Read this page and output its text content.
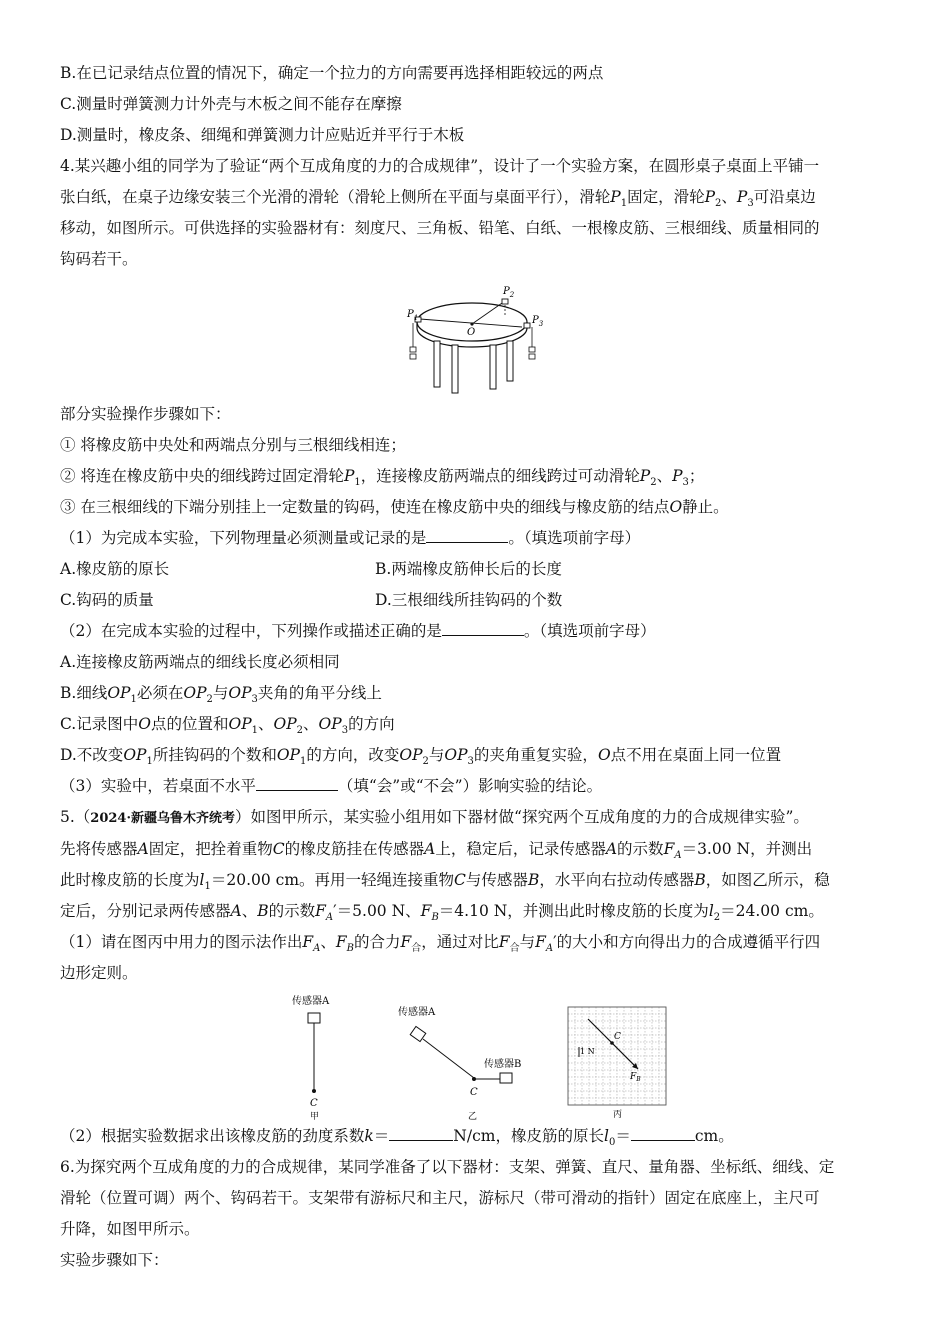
B.在已记录结点位置的情况下，确定一个拉力的方向需要再选择相距较远的两点
C.测量时弹簧测力计外壳与木板之间不能存在摩擦
D.测量时，橡皮条、细绳和弹簧测力计应贴近并平行于木板
4.某兴趣小组的同学为了验证“两个互成角度的力的合成规律”，设计了一个实验方案，在圆形桌子桌面上平铺一
张白纸，在桌子边缘安装三个光滑的滑轮（滑轮上侧所在平面与桌面平行），滑轮$P_1$固定，滑轮$P_2$、$P_3$可沿桌边
移动，如图所示。可供选择的实验器材有：刻度尺、三角板、铅笔、白纸、一根橡皮筋、三根细线、质量相同的
钩码若干。
$P_1$
$P_2$
$P_3$
O
部分实验操作步骤如下：
① 将橡皮筋中央处和两端点分别与三根细线相连；
② 将连在橡皮筋中央的细线跨过固定滑轮$P_1$，连接橡皮筋两端点的细线跨过可动滑轮$P_2$、$P_3$；
③ 在三根细线的下端分别挂上一定数量的钩码，使连在橡皮筋中央的细线与橡皮筋的结点O静止。
（1）为完成本实验，下列物理量必须测量或记录的是	。（填选项前字母）
A.橡皮筋的原长	B.两端橡皮筋伸长后的长度
C.钩码的质量	D.三根细线所挂钩码的个数
（2）在完成本实验的过程中，下列操作或描述正确的是	。（填选项前字母）
A.连接橡皮筋两端点的细线长度必须相同
B.细线$OP_1$必须在$OP_2$与$OP_3$夹角的角平分线上
C.记录图中O点的位置和$OP_1$、$OP_2$、$OP_3$的方向
D.不改变$OP_1$所挂钩码的个数和$OP_1$的方向，改变$OP_2$与$OP_3$的夹角重复实验，O点不用在桌面上同一位置
（3）实验中，若桌面不水平	（填“会”或“不会”）影响实验的结论。
5.（2024·新疆乌鲁木齐统考）如图甲所示，某实验小组用如下器材做“探究两个互成角度的力的合成规律实验”。
先将传感器A固定，把拴着重物C的橡皮筋挂在传感器A上，稳定后，记录传感器A的示数$F_A=3.00$ N，并测出
此时橡皮筋的长度为$l_1=20.00$ cm。再用一轻绳连接重物C与传感器B，水平向右拉动传感器B，如图乙所示，稳
定后，分别记录两传感器A、B的示数$F_A'=5.00$ N、$F_B=4.10$ N，并测出此时橡皮筋的长度为$l_2=24.00$ cm。
（1）请在图丙中用力的图示法作出$F_A$、$F_B$的合力$F_合$，通过对比$F_合$与$F_A'$的大小和方向得出力的合成遵循平行四
边形定则。
传感器A
C
甲
传感器A
传感器B
C
乙
C
1 N
$F_B$
丙
（2）根据实验数据求出该橡皮筋的劲度系数k＝	N/cm，橡皮筋的原长$l_0=$	cm。
6.为探究两个互成角度的力的合成规律，某同学准备了以下器材：支架、弹簧、直尺、量角器、坐标纸、细线、定
滑轮（位置可调）两个、钩码若干。支架带有游标尺和主尺，游标尺（带可滑动的指针）固定在底座上，主尺可
升降，如图甲所示。
实验步骤如下：
